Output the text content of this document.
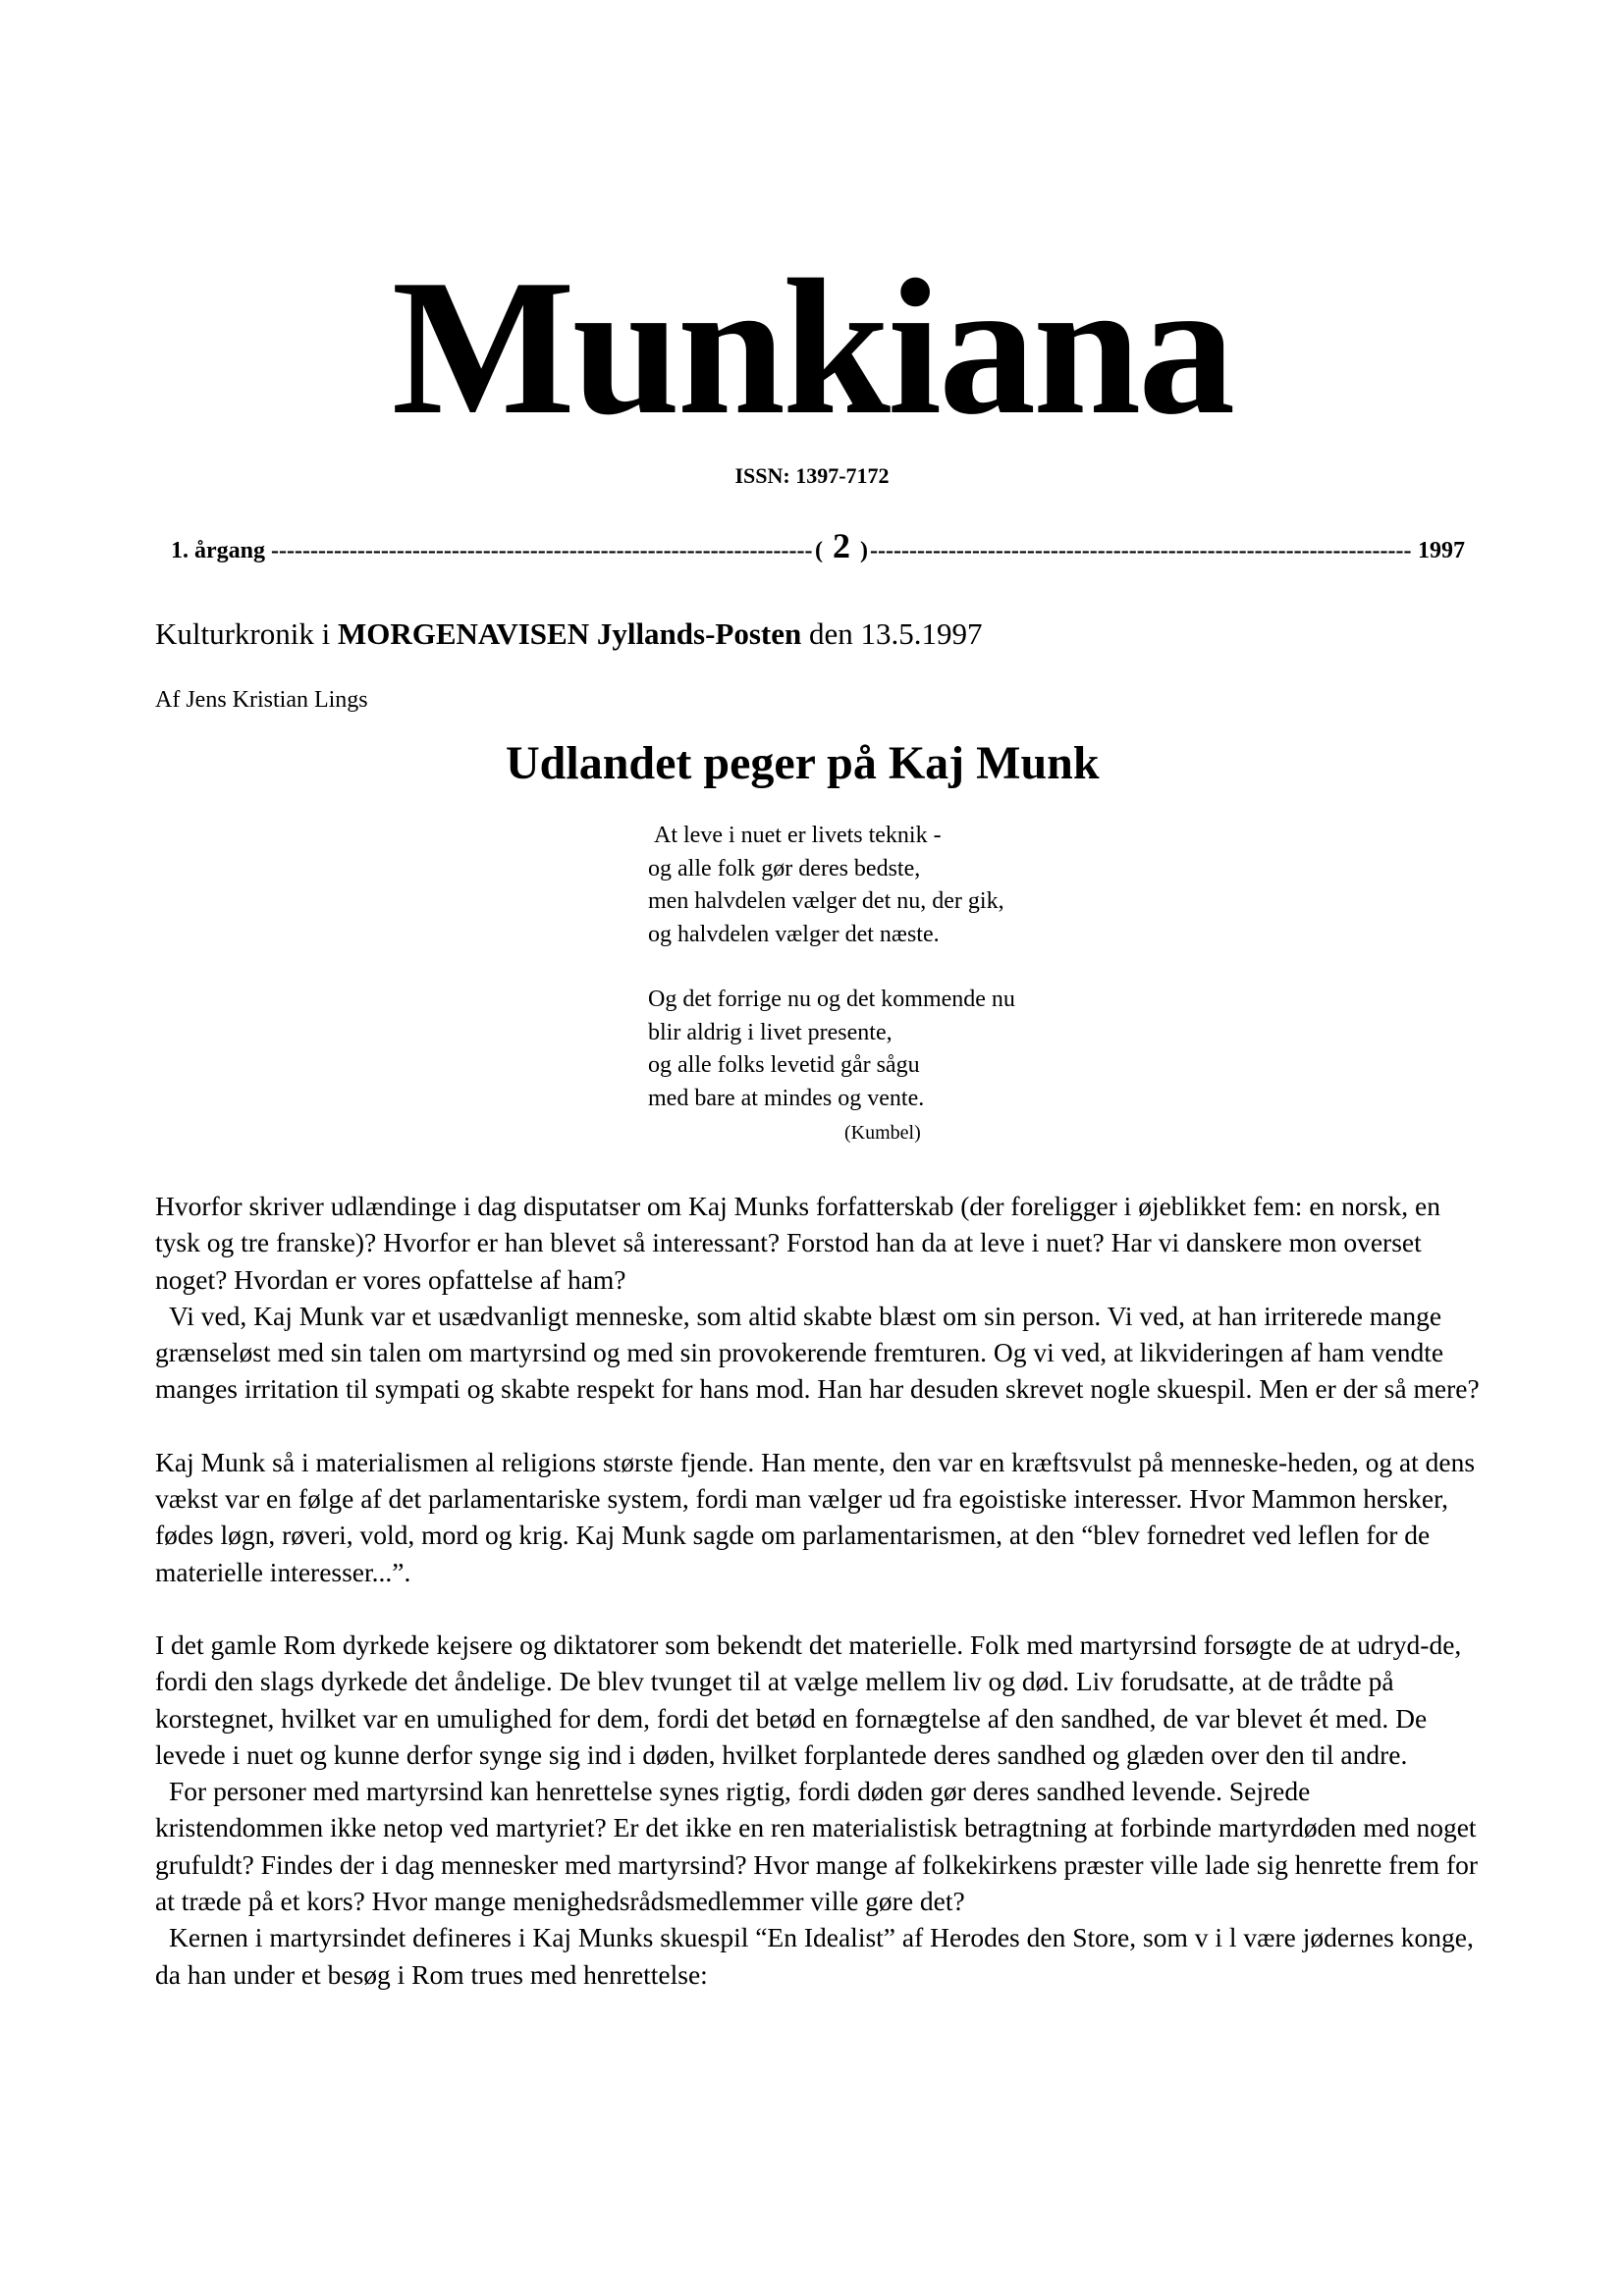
Munkiana
ISSN: 1397-7172
1. årgang -----	( 2 ) -----	1997
Kulturkronik i MORGENAVISEN Jyllands-Posten den 13.5.1997
Af Jens Kristian Lings
Udlandet peger på Kaj Munk
At leve i nuet er livets teknik -
og alle folk gør deres bedste,
men halvdelen vælger det nu, der gik,
og halvdelen vælger det næste.
Og det forrige nu og det kommende nu
blir aldrig i livet presente,
og alle folks levetid går sågu
med bare at mindes og vente.
(Kumbel)

Hvorfor skriver udlændinge i dag disputatser om Kaj Munks forfatterskab (der foreligger i øjeblikket fem: en norsk, en tysk og tre franske)? Hvorfor er han blevet så interessant? Forstod han da at leve i nuet? Har vi danskere mon overset noget? Hvordan er vores opfattelse af ham?

Vi ved, Kaj Munk var et usædvanligt menneske, som altid skabte blæst om sin person. Vi ved, at han irriterede mange grænseløst med sin talen om martyrsind og med sin provokerende fremturen. Og vi ved, at likvideringen af ham vendte manges irritation til sympati og skabte respekt for hans mod. Han har desuden skrevet nogle skuespil. Men er der så mere?

Kaj Munk så i materialismen al religions største fjende. Han mente, den var en kræftsvulst på menneske-heden, og at dens vækst var en følge af det parlamentariske system, fordi man vælger ud fra egoistiske interesser. Hvor Mammon hersker, fødes løgn, røveri, vold, mord og krig. Kaj Munk sagde om parlamentarismen, at den “blev fornedret ved leflen for de materielle interesser...”.

I det gamle Rom dyrkede kejsere og diktatorer som bekendt det materielle. Folk med martyrsind forsøgte de at udryd-de, fordi den slags dyrkede det åndelige. De blev tvunget til at vælge mellem liv og død. Liv forudsatte, at de trådte på korstegnet, hvilket var en umulighed for dem, fordi det betød en fornægtelse af den sandhed, de var blevet ét med. De levede i nuet og kunne derfor synge sig ind i døden, hvilket forplantede deres sandhed og glæden over den til andre.

For personer med martyrsind kan henrettelse synes rigtig, fordi døden gør deres sandhed levende. Sejrede kristendommen ikke netop ved martyriet? Er det ikke en ren materialistisk betragtning at forbinde martyrdøden med noget grufuldt? Findes der i dag mennesker med martyrsind? Hvor mange af folkekirkens præster ville lade sig henrette frem for at træde på et kors? Hvor mange menighedsrådsmedlemmer ville gøre det?

Kernen i martyrsindet defineres i Kaj Munks skuespil “En Idealist” af Herodes den Store, som v i l være jødernes konge, da han under et besøg i Rom trues med henrettelse:
